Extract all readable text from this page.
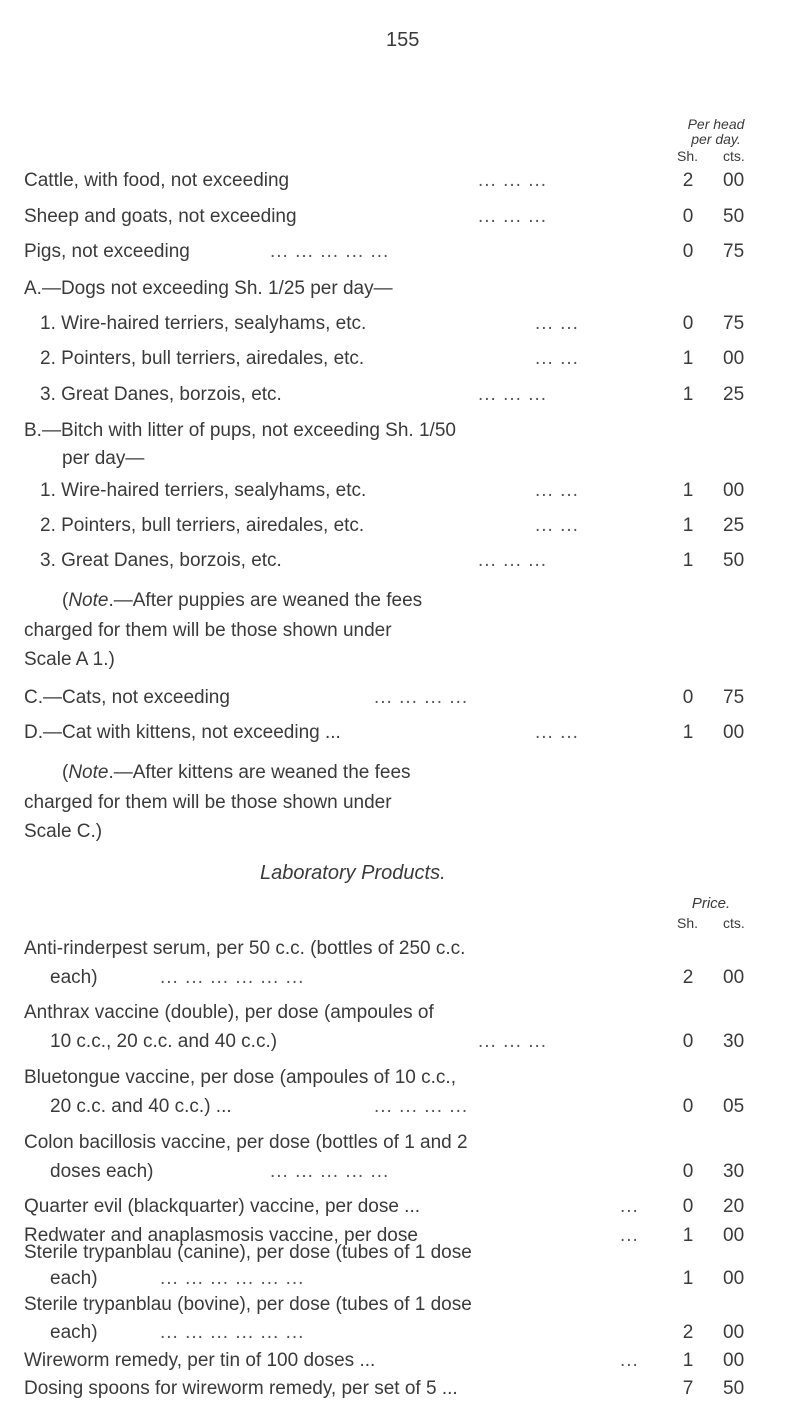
155
Per head
per day.
Sh. cts.
Cattle, with food, not exceeding	... ... ...	2	00
Sheep and goats, not exceeding	... ... ...	0	50
Pigs, not exceeding	... ... ... ... ...	0	75
A.—Dogs not exceeding Sh. 1/25 per day—
1. Wire-haired terriers, sealyhams, etc.	... ...	0	75
2. Pointers, bull terriers, airedales, etc.	... ...	1	00
3. Great Danes, borzois, etc.	... ... ...	1	25
B.—Bitch with litter of pups, not exceeding Sh. 1/50
per day—
1. Wire-haired terriers, sealyhams, etc.	... ...	1	00
2. Pointers, bull terriers, airedales, etc.	... ...	1	25
3. Great Danes, borzois, etc.	... ... ...	1	50
(Note.—After puppies are weaned the fees
charged for them will be those shown under
Scale A 1.)
C.—Cats, not exceeding	... ... ... ...	0	75
D.—Cat with kittens, not exceeding ...	... ...	1	00
(Note.—After kittens are weaned the fees
charged for them will be those shown under
Scale C.)
Laboratory Products.
Price.
Sh. cts.
Anti-rinderpest serum, per 50 c.c. (bottles of 250 c.c.
each)	... ... ... ... ... ...	2	00
Anthrax vaccine (double), per dose (ampoules of
10 c.c., 20 c.c. and 40 c.c.)	... ... ...	0	30
Bluetongue vaccine, per dose (ampoules of 10 c.c.,
20 c.c. and 40 c.c.) ...	... ... ... ...	0	05
Colon bacillosis vaccine, per dose (bottles of 1 and 2
doses each)	... ... ... ... ...	0	30
Quarter evil (blackquarter) vaccine, per dose ...	...	0	20
Redwater and anaplasmosis vaccine, per dose	...	1	00
Sterile trypanblau (canine), per dose (tubes of 1 dose
each)	... ... ... ... ... ...	1	00
Sterile trypanblau (bovine), per dose (tubes of 1 dose
each)	... ... ... ... ... ...	2	00
Wireworm remedy, per tin of 100 doses ...	...	1	00
Dosing spoons for wireworm remedy, per set of 5 ...	7	50
